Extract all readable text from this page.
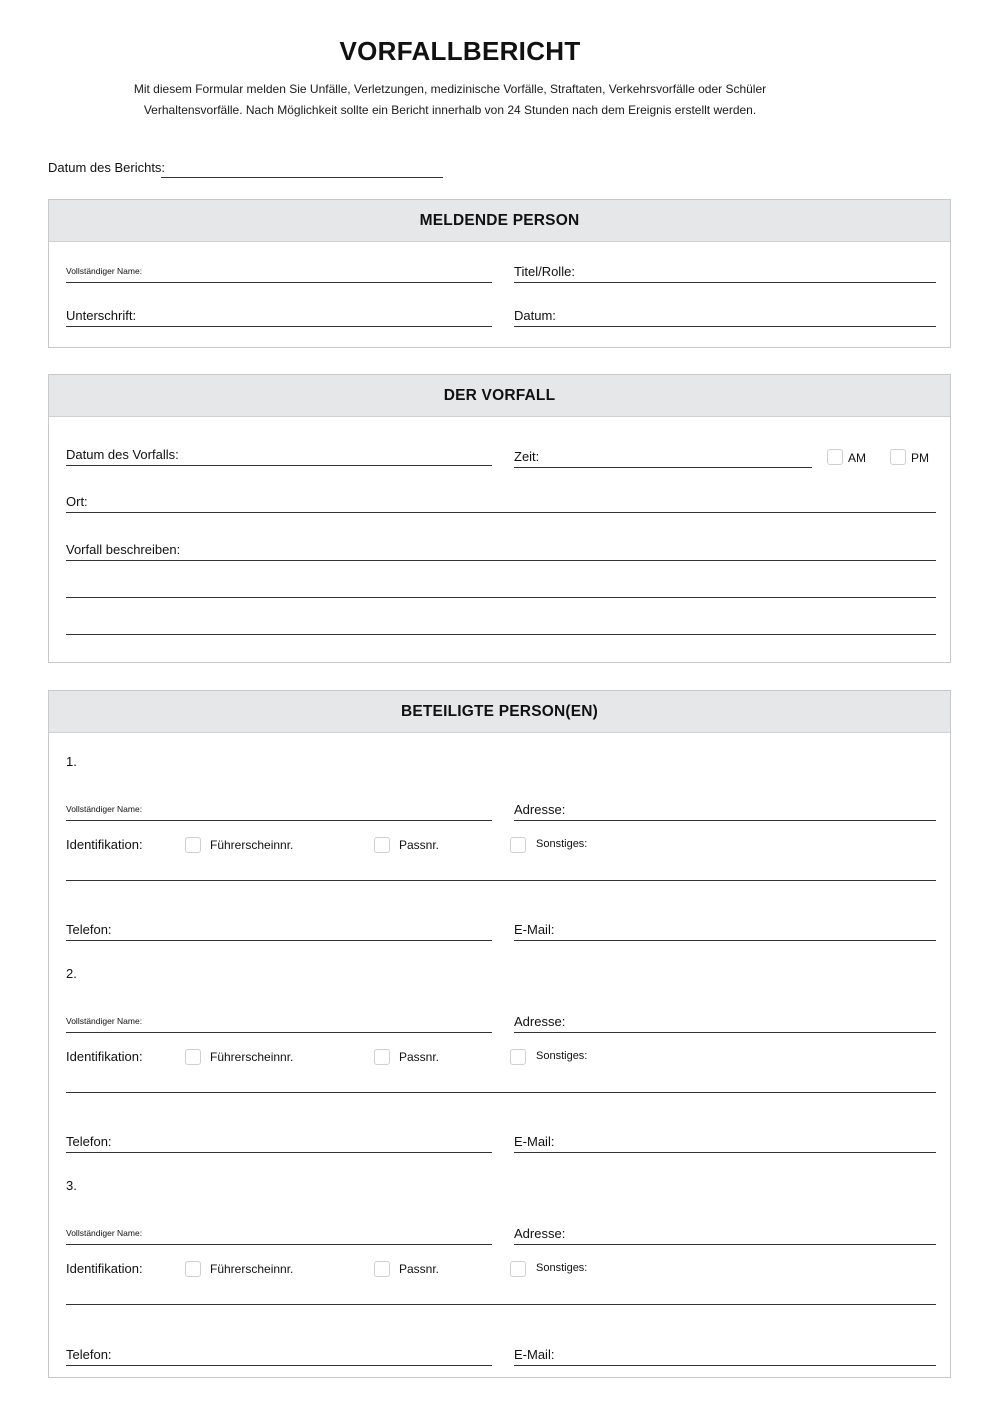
VORFALLBERICHT
Mit diesem Formular melden Sie Unfälle, Verletzungen, medizinische Vorfälle, Straftaten, Verkehrsvorfälle oder Schüler Verhaltensvorfälle. Nach Möglichkeit sollte ein Bericht innerhalb von 24 Stunden nach dem Ereignis erstellt werden.
Datum des Berichts:
MELDENDE PERSON
Vollständiger Name:	Titel/Rolle:
Unterschrift:	Datum:
DER VORFALL
Datum des Vorfalls:	Zeit:	AM	PM
Ort:
Vorfall beschreiben:
BETEILIGTE PERSON(EN)
1.
Vollständiger Name:	Adresse:
Identifikation:	Führerscheinnr.	Passnr.	Sonstiges:
Telefon:	E-Mail:
2.
Vollständiger Name:	Adresse:
Identifikation:	Führerscheinnr.	Passnr.	Sonstiges:
Telefon:	E-Mail:
3.
Vollständiger Name:	Adresse:
Identifikation:	Führerscheinnr.	Passnr.	Sonstiges:
Telefon:	E-Mail:
